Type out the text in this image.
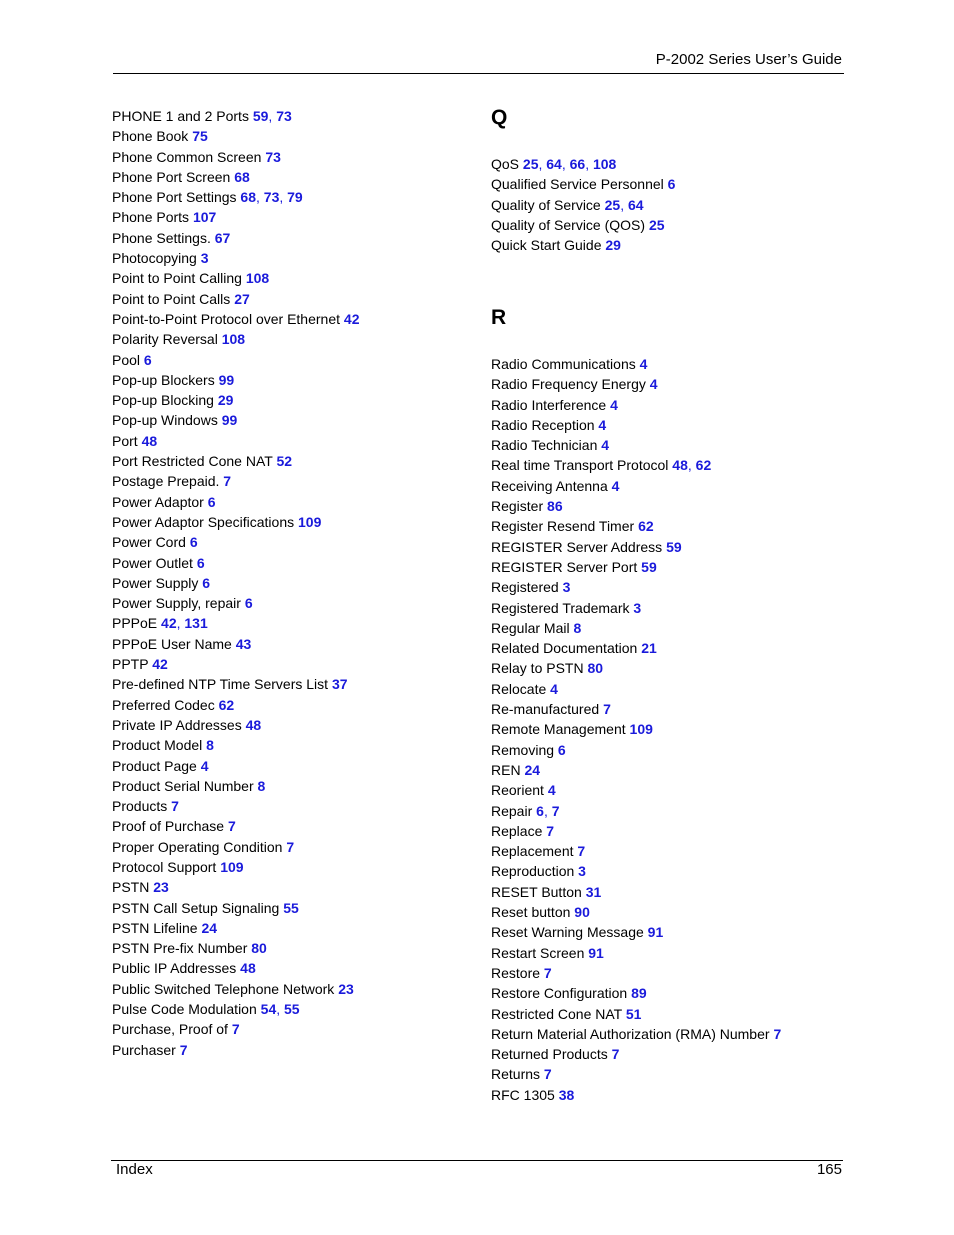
P-2002 Series User’s Guide
PHONE 1 and 2 Ports 59, 73
Phone Book 75
Phone Common Screen 73
Phone Port Screen 68
Phone Port Settings 68, 73, 79
Phone Ports 107
Phone Settings. 67
Photocopying 3
Point to Point Calling 108
Point to Point Calls 27
Point-to-Point Protocol over Ethernet 42
Polarity Reversal 108
Pool 6
Pop-up Blockers 99
Pop-up Blocking 29
Pop-up Windows 99
Port 48
Port Restricted Cone NAT 52
Postage Prepaid. 7
Power Adaptor 6
Power Adaptor Specifications 109
Power Cord 6
Power Outlet 6
Power Supply 6
Power Supply, repair 6
PPPoE 42, 131
PPPoE User Name 43
PPTP 42
Pre-defined NTP Time Servers List 37
Preferred Codec 62
Private IP Addresses 48
Product Model 8
Product Page 4
Product Serial Number 8
Products 7
Proof of Purchase 7
Proper Operating Condition 7
Protocol Support 109
PSTN 23
PSTN Call Setup Signaling 55
PSTN Lifeline 24
PSTN Pre-fix Number 80
Public IP Addresses 48
Public Switched Telephone Network 23
Pulse Code Modulation 54, 55
Purchase, Proof of 7
Purchaser 7
Q
QoS 25, 64, 66, 108
Qualified Service Personnel 6
Quality of Service 25, 64
Quality of Service (QOS) 25
Quick Start Guide 29
R
Radio Communications 4
Radio Frequency Energy 4
Radio Interference 4
Radio Reception 4
Radio Technician 4
Real time Transport Protocol 48, 62
Receiving Antenna 4
Register 86
Register Resend Timer 62
REGISTER Server Address 59
REGISTER Server Port 59
Registered 3
Registered Trademark 3
Regular Mail 8
Related Documentation 21
Relay to PSTN 80
Relocate 4
Re-manufactured 7
Remote Management 109
Removing 6
REN 24
Reorient 4
Repair 6, 7
Replace 7
Replacement 7
Reproduction 3
RESET Button 31
Reset button 90
Reset Warning Message 91
Restart Screen 91
Restore 7
Restore Configuration 89
Restricted Cone NAT 51
Return Material Authorization (RMA) Number 7
Returned Products 7
Returns 7
RFC 1305 38
Index	165
